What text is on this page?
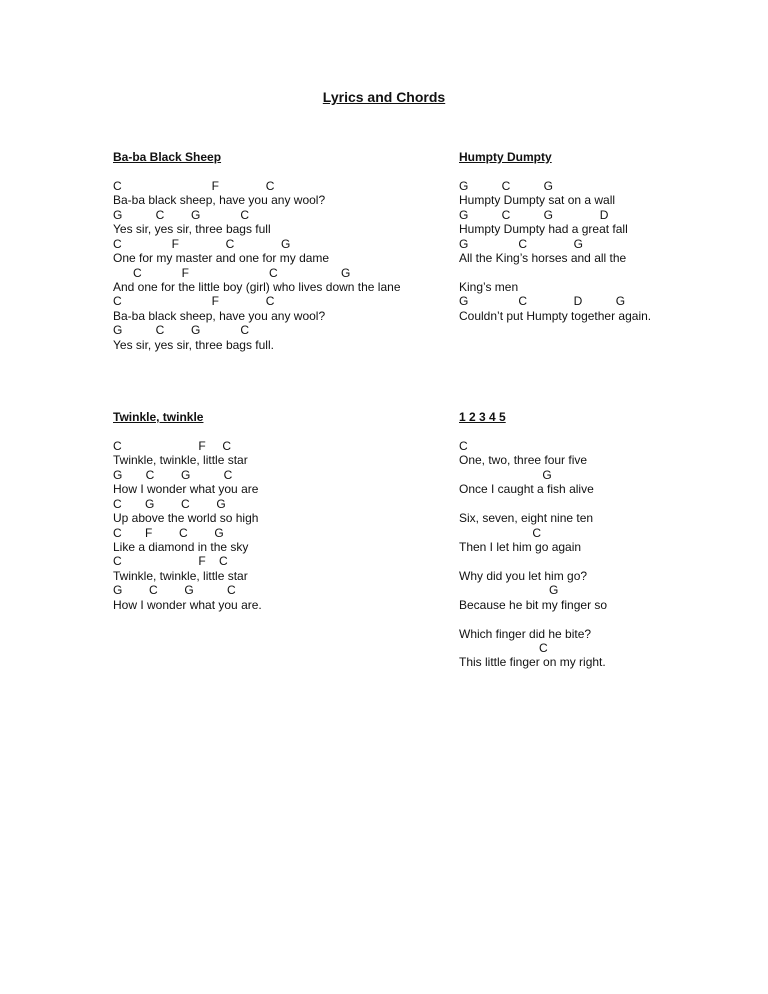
Lyrics and Chords
Ba-ba Black Sheep
C                           F              C
Ba-ba black sheep, have you any wool?
G          C        G            C
Yes sir, yes sir, three bags full
C               F              C              G
One for my master and one for my dame
C            F                        C                   G
And one for the little boy (girl) who lives down the lane
C                           F              C
Ba-ba black sheep, have you any wool?
G          C        G            C
Yes sir, yes sir, three bags full.
Humpty Dumpty
G          C          G
Humpty Dumpty sat on a wall
G          C          G              D
Humpty Dumpty had a great fall
G               C              G
All the King’s horses and all the
King’s men
G               C              D          G
Couldn’t put Humpty together again.
Twinkle, twinkle
C                       F     C
Twinkle, twinkle, little star
G       C        G          C
How I wonder what you are
C       G        C        G
Up above the world so high
C       F        C        G
Like a diamond in the sky
C                       F    C
Twinkle, twinkle, little star
G        C        G          C
How I wonder what you are.
1 2 3 4 5
C
One, two, three four five
G
Once I caught a fish alive
Six, seven, eight nine ten
C
Then I let him go again
Why did you let him go?
G
Because he bit my finger so
Which finger did he bite?
C
This little finger on my right.
